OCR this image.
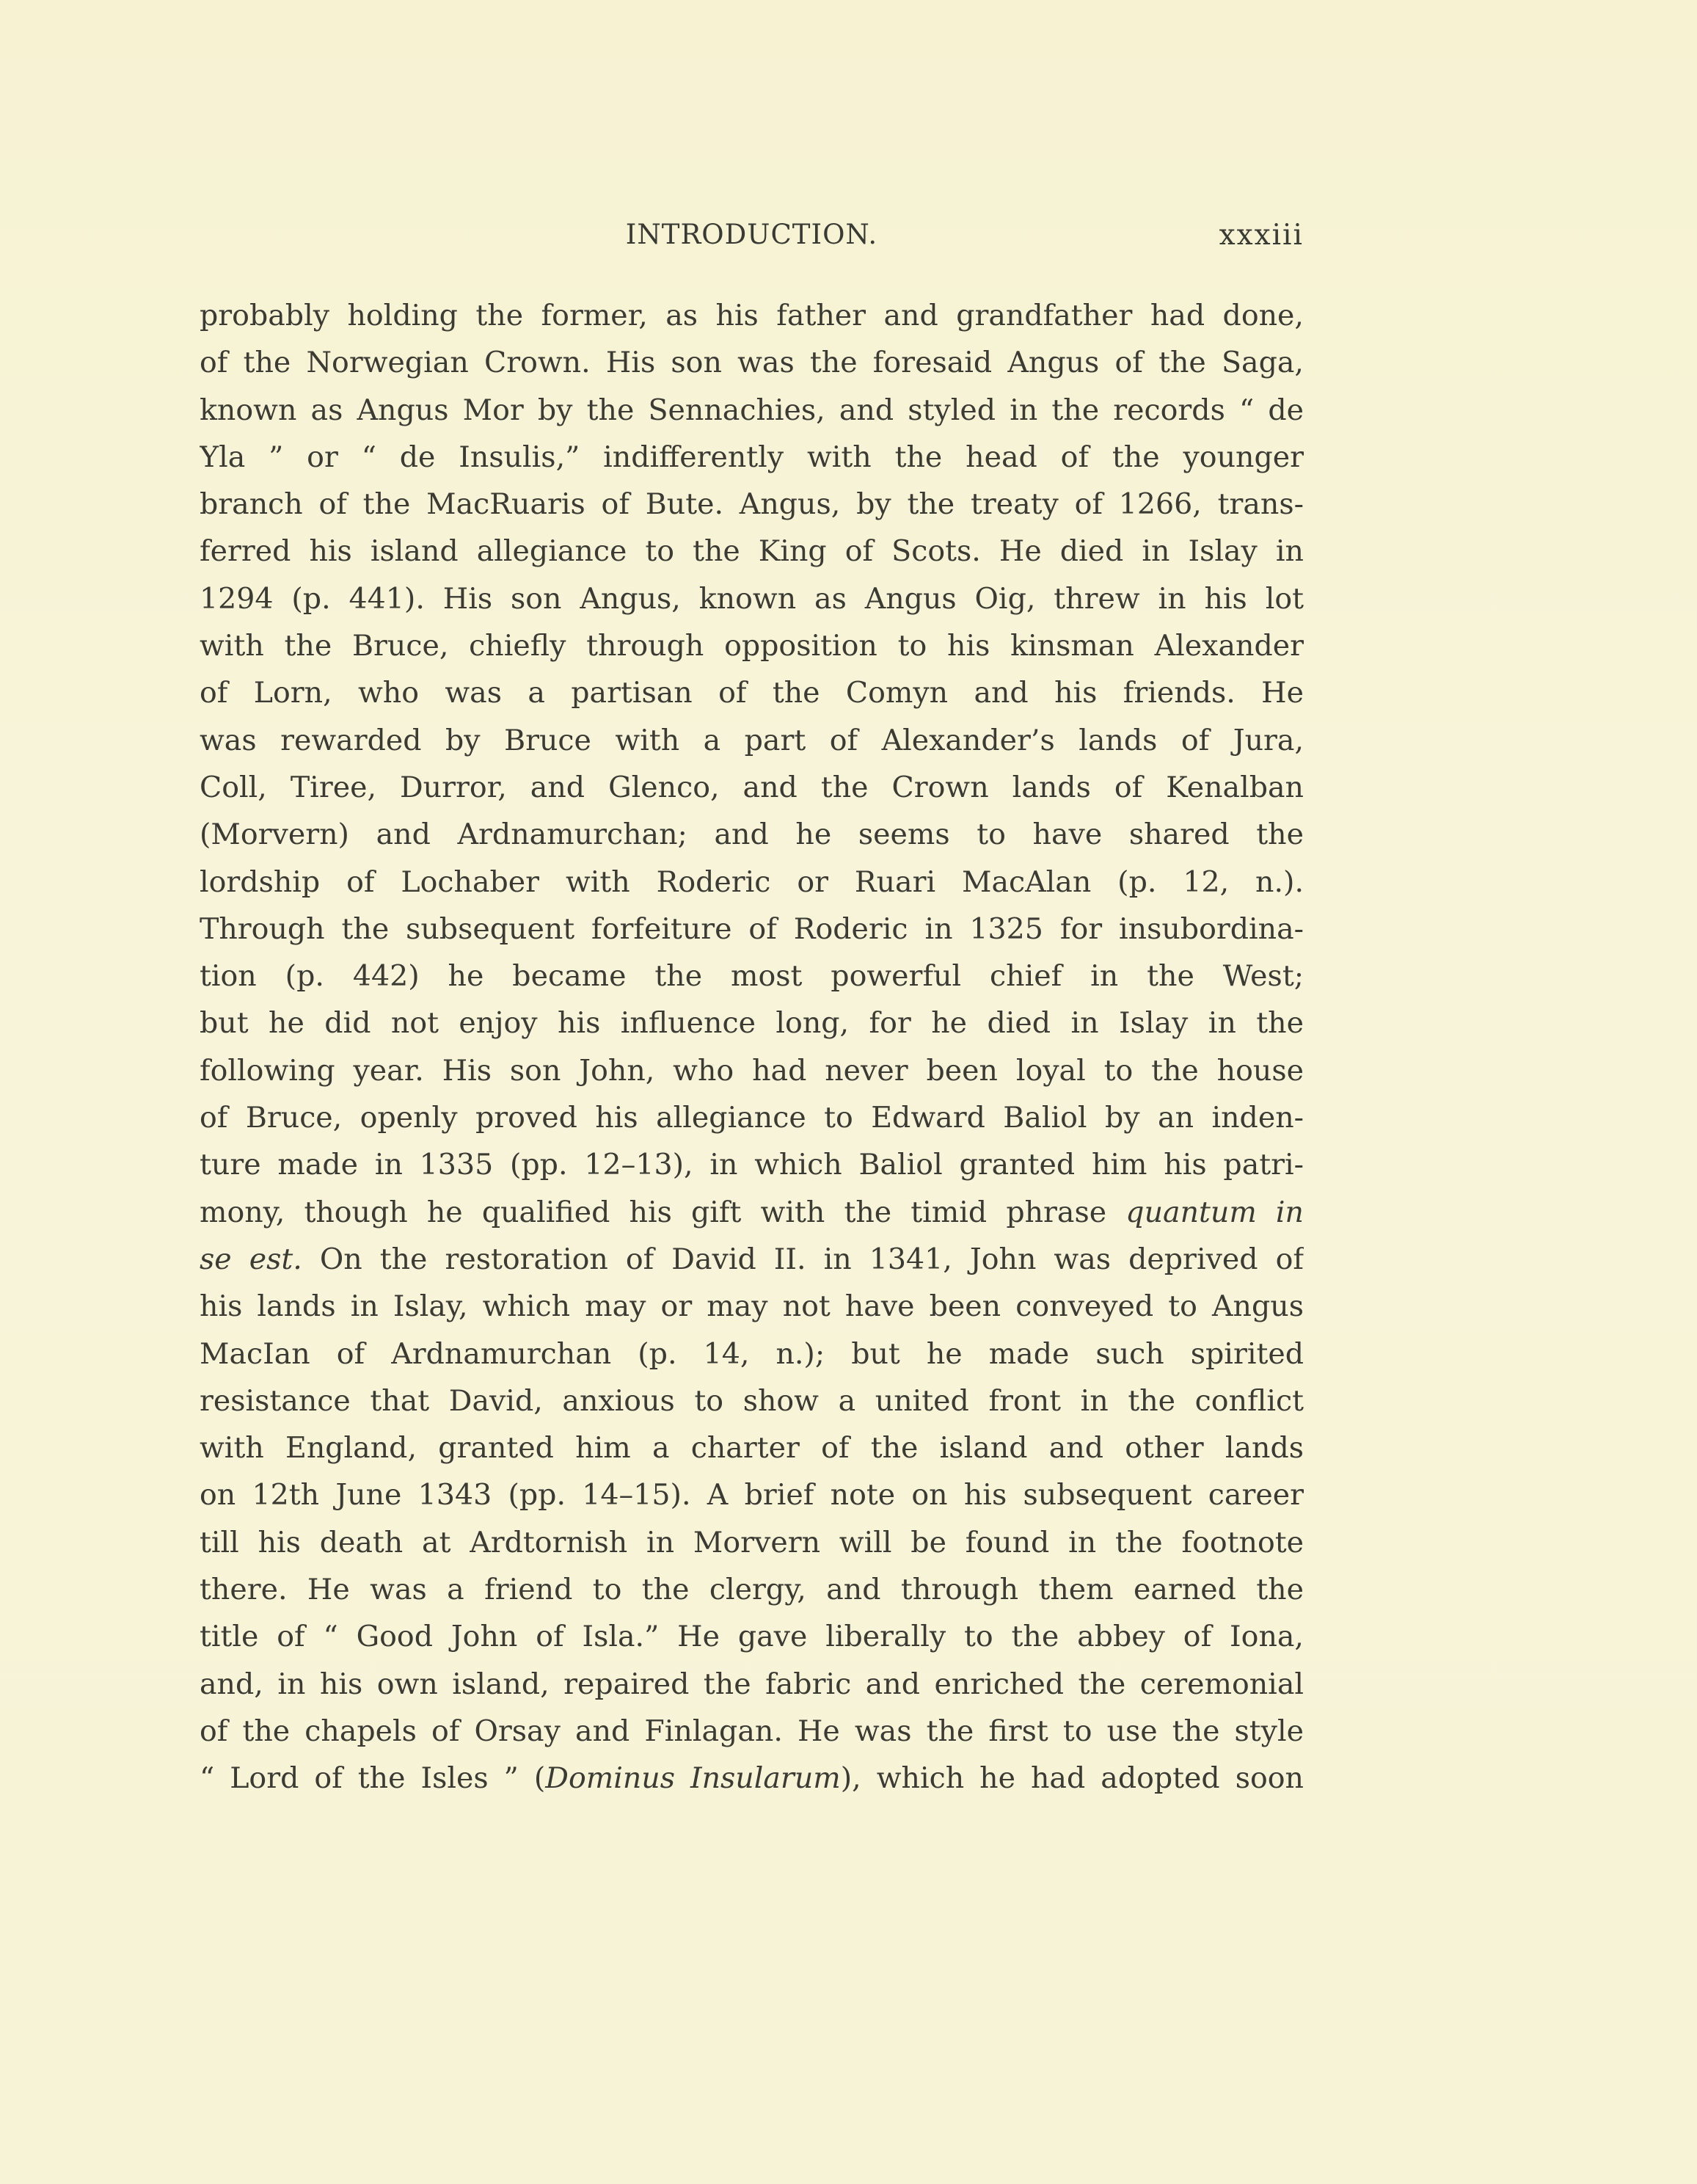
INTRODUCTION.	xxxiii
probably holding the former, as his father and grandfather had done,
of the Norwegian Crown. His son was the foresaid Angus of the Saga,
known as Angus Mor by the Sennachies, and styled in the records “ de
Yla ” or “ de Insulis,” indifferently with the head of the younger
branch of the MacRuaris of Bute. Angus, by the treaty of 1266, trans-
ferred his island allegiance to the King of Scots. He died in Islay in
1294 (p. 441). His son Angus, known as Angus Oig, threw in his lot
with the Bruce, chiefly through opposition to his kinsman Alexander
of Lorn, who was a partisan of the Comyn and his friends. He
was rewarded by Bruce with a part of Alexander’s lands of Jura,
Coll, Tiree, Durror, and Glenco, and the Crown lands of Kenalban
(Morvern) and Ardnamurchan; and he seems to have shared the
lordship of Lochaber with Roderic or Ruari MacAlan (p. 12, n.).
Through the subsequent forfeiture of Roderic in 1325 for insubordina-
tion (p. 442) he became the most powerful chief in the West;
but he did not enjoy his influence long, for he died in Islay in the
following year. His son John, who had never been loyal to the house
of Bruce, openly proved his allegiance to Edward Baliol by an inden-
ture made in 1335 (pp. 12–13), in which Baliol granted him his patri-
mony, though he qualified his gift with the timid phrase quantum in
se est. On the restoration of David II. in 1341, John was deprived of
his lands in Islay, which may or may not have been conveyed to Angus
MacIan of Ardnamurchan (p. 14, n.); but he made such spirited
resistance that David, anxious to show a united front in the conflict
with England, granted him a charter of the island and other lands
on 12th June 1343 (pp. 14–15). A brief note on his subsequent career
till his death at Ardtornish in Morvern will be found in the footnote
there. He was a friend to the clergy, and through them earned the
title of “ Good John of Isla.” He gave liberally to the abbey of Iona,
and, in his own island, repaired the fabric and enriched the ceremonial
of the chapels of Orsay and Finlagan. He was the first to use the style
“ Lord of the Isles ” (Dominus Insularum), which he had adopted soon
